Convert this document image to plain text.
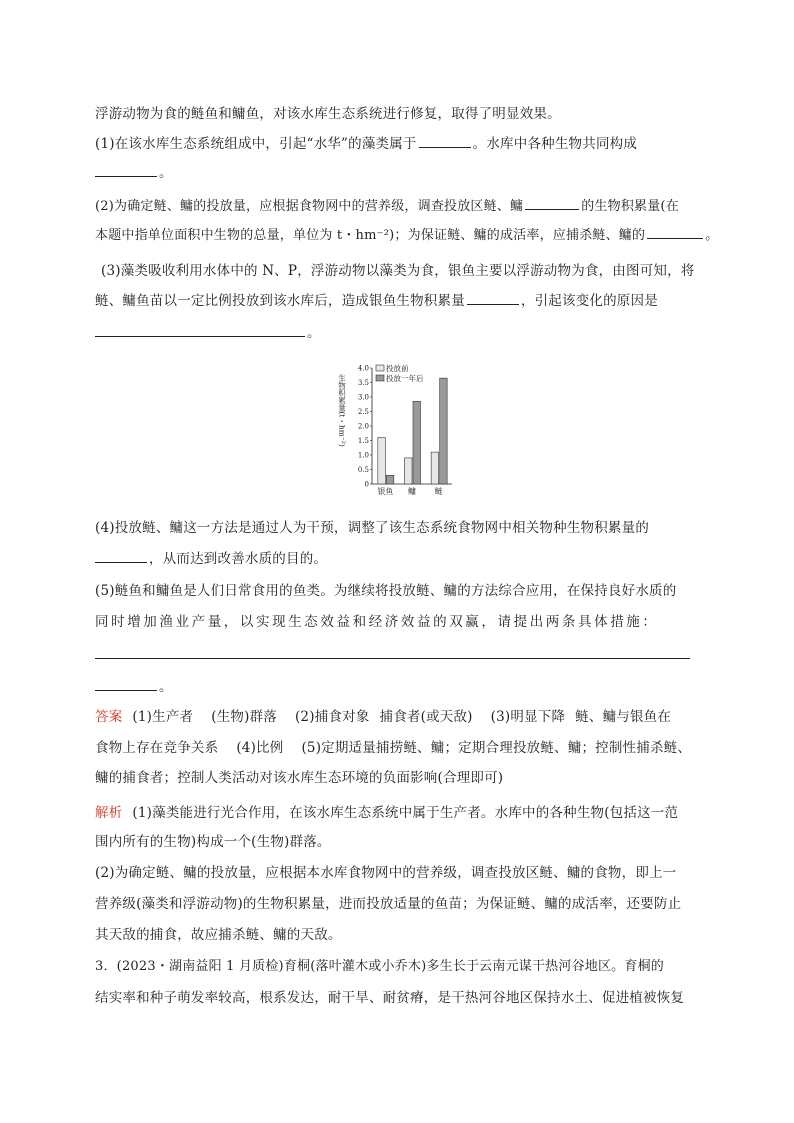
浮游动物为食的鲢鱼和鳙鱼，对该水库生态系统进行修复，取得了明显效果。
(1)在该水库生态系统组成中，引起“水华”的藻类属于	。水库中各种生物共同构成
。
(2)为确定鲢、鳙的投放量，应根据食物网中的营养级，调查投放区鲢、鳙	的生物积累量(在
本题中指单位面积中生物的总量，单位为 t・hm⁻²)；为保证鲢、鳙的成活率，应捕杀鲢、鳙的	。
(3)藻类吸收利用水体中的 N、P，浮游动物以藻类为食，银鱼主要以浮游动物为食，由图可知，将
鲢、鳙鱼苗以一定比例投放到该水库后，造成银鱼生物积累量	，引起该变化的原因是
。
0
0.5
1.0
1.5
2.0
2.5
3.0
3.5
4.0
生物积累量(t・hm⁻²)
银鱼 鳙 鲢
投放前
投放一年后
(4)投放鲢、鳙这一方法是通过人为干预，调整了该生态系统食物网中相关物种生物积累量的
，从而达到改善水质的目的。
(5)鲢鱼和鳙鱼是人们日常食用的鱼类。为继续将投放鲢、鳙的方法综合应用，在保持良好水质的
同时增加渔业产量，以实现生态效益和经济效益的双赢，请提出两条具体措施：
。
答案 (1)生产者 (生物)群落 (2)捕食对象 捕食者(或天敌) (3)明显下降 鲢、鳙与银鱼在
食物上存在竞争关系 (4)比例 (5)定期适量捕捞鲢、鳙；定期合理投放鲢、鳙；控制性捕杀鲢、
鳙的捕食者；控制人类活动对该水库生态环境的负面影响(合理即可)
解析 (1)藻类能进行光合作用，在该水库生态系统中属于生产者。水库中的各种生物(包括这一范
围内所有的生物)构成一个(生物)群落。
(2)为确定鲢、鳙的投放量，应根据本水库食物网中的营养级，调查投放区鲢、鳙的食物，即上一
营养级(藻类和浮游动物)的生物积累量，进而投放适量的鱼苗；为保证鲢、鳙的成活率，还要防止
其天敌的捕食，故应捕杀鲢、鳙的天敌。
3．(2023・湖南益阳 1 月质检)育桐(落叶灌木或小乔木)多生长于云南元谋干热河谷地区。育桐的
结实率和种子萌发率较高，根系发达，耐干旱、耐贫瘠，是干热河谷地区保持水土、促进植被恢复
